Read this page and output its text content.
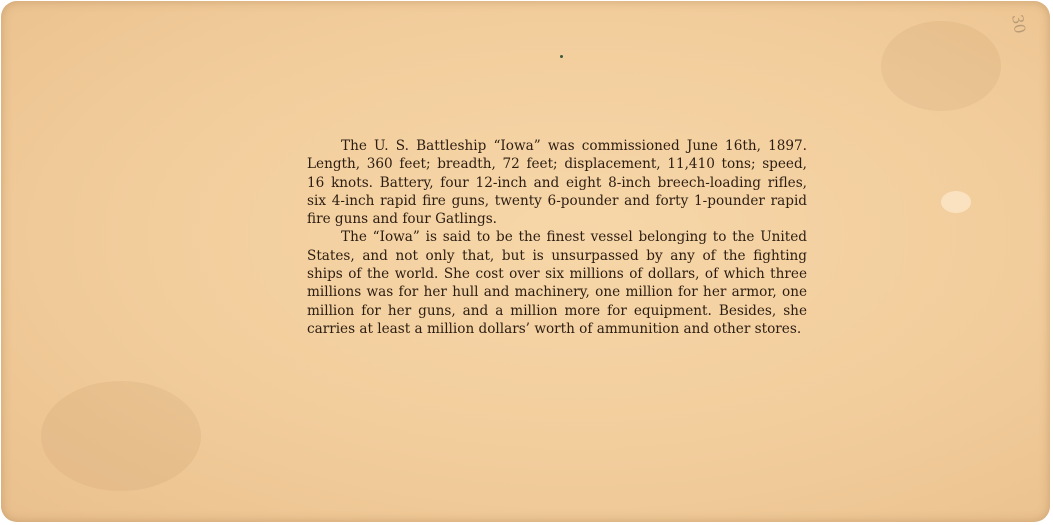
30

The U. S. Battleship “Iowa” was commissioned June 16th, 1897. Length, 360 feet; breadth, 72 feet; displacement, 11,410 tons; speed, 16 knots. Battery, four 12-inch and eight 8-inch breech-loading rifles, six 4-inch rapid fire guns, twenty 6-pounder and forty 1-pounder rapid fire guns and four Gatlings.

The “Iowa” is said to be the finest vessel belonging to the United States, and not only that, but is unsurpassed by any of the fighting ships of the world. She cost over six millions of dollars, of which three millions was for her hull and machinery, one million for her armor, one million for her guns, and a million more for equipment. Besides, she carries at least a million dollars’ worth of ammunition and other stores.
